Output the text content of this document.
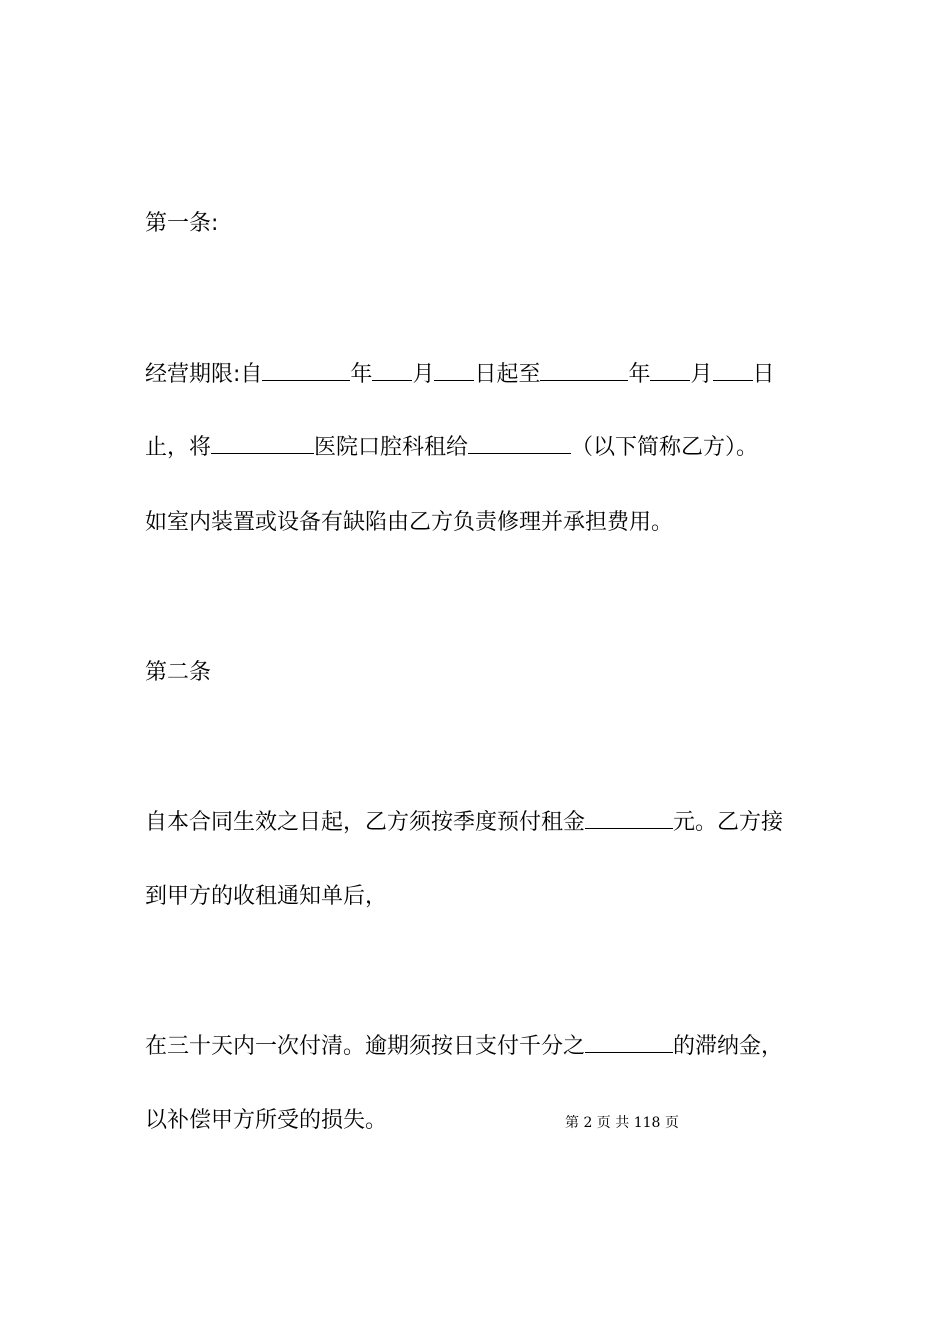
第一条:
经营期限:自	年 月 日起至	年 月 日
止，将	医院口腔科租给	（以下简称乙方）。
如室内装置或设备有缺陷由乙方负责修理并承担费用。
第二条
自本合同生效之日起，乙方须按季度预付租金	元。乙方接
到甲方的收租通知单后，
在三十天内一次付清。逾期须按日支付千分之	的滞纳金，
以补偿甲方所受的损失。	第 2 页 共 118 页
